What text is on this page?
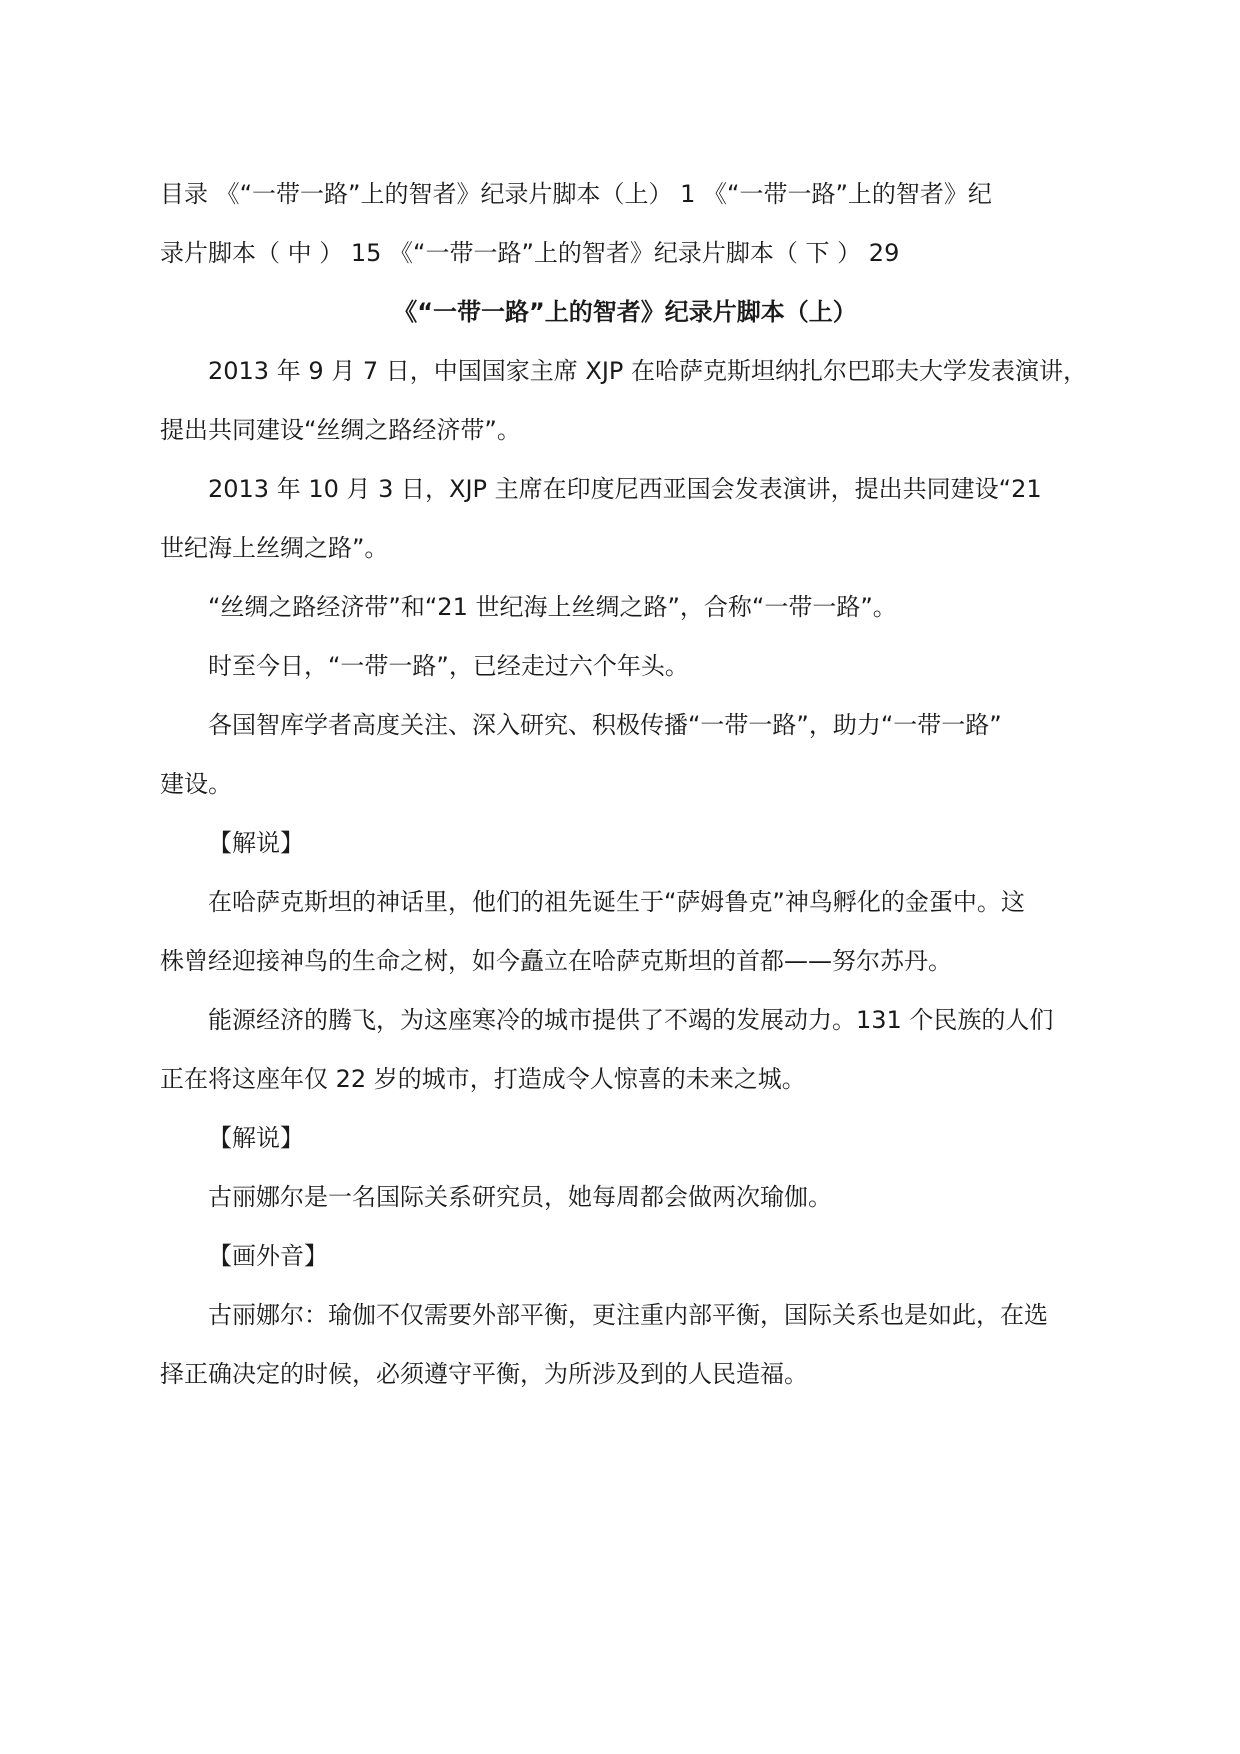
目录 《“一带一路”上的智者》纪录片脚本（上） 1 《“一带一路”上的智者》纪
录片脚本（ 中 ） 15 《“一带一路”上的智者》纪录片脚本（ 下 ） 29
《“一带一路”上的智者》纪录片脚本（上）
2013 年 9 月 7 日，中国国家主席 XJP 在哈萨克斯坦纳扎尔巴耶夫大学发表演讲，
提出共同建设“丝绸之路经济带”。
2013 年 10 月 3 日，XJP 主席在印度尼西亚国会发表演讲，提出共同建设“21
世纪海上丝绸之路”。
“丝绸之路经济带”和“21 世纪海上丝绸之路”，合称“一带一路”。
时至今日，“一带一路”，已经走过六个年头。
各国智库学者高度关注、深入研究、积极传播“一带一路”，助力“一带一路”
建设。
【解说】
在哈萨克斯坦的神话里，他们的祖先诞生于“萨姆鲁克”神鸟孵化的金蛋中。这
株曾经迎接神鸟的生命之树，如今矗立在哈萨克斯坦的首都——努尔苏丹。
能源经济的腾飞，为这座寒冷的城市提供了不竭的发展动力。131 个民族的人们
正在将这座年仅 22 岁的城市，打造成令人惊喜的未来之城。
【解说】
古丽娜尔是一名国际关系研究员，她每周都会做两次瑜伽。
【画外音】
古丽娜尔：瑜伽不仅需要外部平衡，更注重内部平衡，国际关系也是如此，在选
择正确决定的时候，必须遵守平衡，为所涉及到的人民造福。
